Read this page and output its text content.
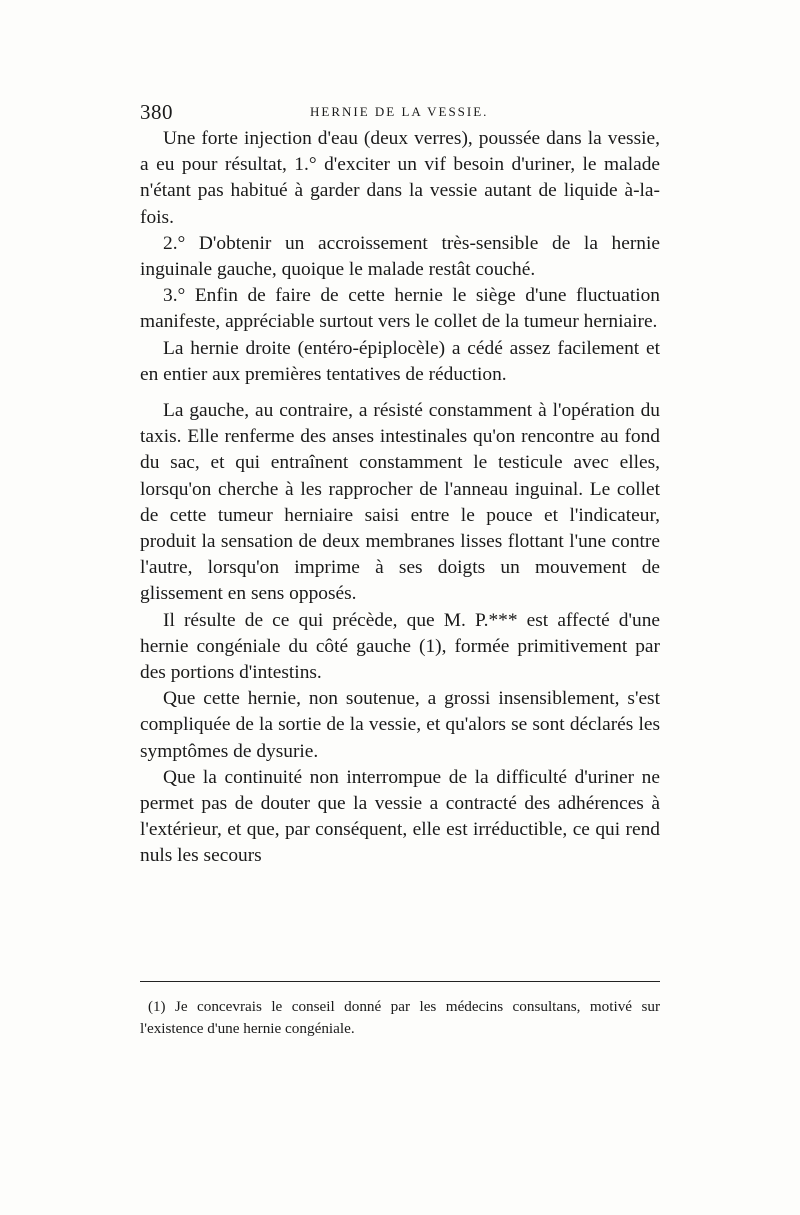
380	HERNIE DE LA VESSIE.

Une forte injection d'eau (deux verres), poussée dans la vessie, a eu pour résultat, 1.° d'exciter un vif besoin d'uriner, le malade n'étant pas habitué à garder dans la vessie autant de liquide à-la-fois.

2.° D'obtenir un accroissement très-sensible de la hernie inguinale gauche, quoique le malade restât couché.

3.° Enfin de faire de cette hernie le siège d'une fluctuation manifeste, appréciable surtout vers le collet de la tumeur herniaire.

La hernie droite (entéro-épiplocèle) a cédé assez facilement et en entier aux premières tentatives de réduction.

La gauche, au contraire, a résisté constamment à l'opération du taxis. Elle renferme des anses intestinales qu'on rencontre au fond du sac, et qui entraînent constamment le testicule avec elles, lorsqu'on cherche à les rapprocher de l'anneau inguinal. Le collet de cette tumeur herniaire saisi entre le pouce et l'indicateur, produit la sensation de deux membranes lisses flottant l'une contre l'autre, lorsqu'on imprime à ses doigts un mouvement de glissement en sens opposés.

Il résulte de ce qui précède, que M. P.*** est affecté d'une hernie congéniale du côté gauche (1), formée primitivement par des portions d'intestins.

Que cette hernie, non soutenue, a grossi insensiblement, s'est compliquée de la sortie de la vessie, et qu'alors se sont déclarés les symptômes de dysurie.

Que la continuité non interrompue de la difficulté d'uriner ne permet pas de douter que la vessie a contracté des adhérences à l'extérieur, et que, par conséquent, elle est irréductible, ce qui rend nuls les secours

(1) Je concevrais le conseil donné par les médecins consultans, motivé sur l'existence d'une hernie congéniale.
